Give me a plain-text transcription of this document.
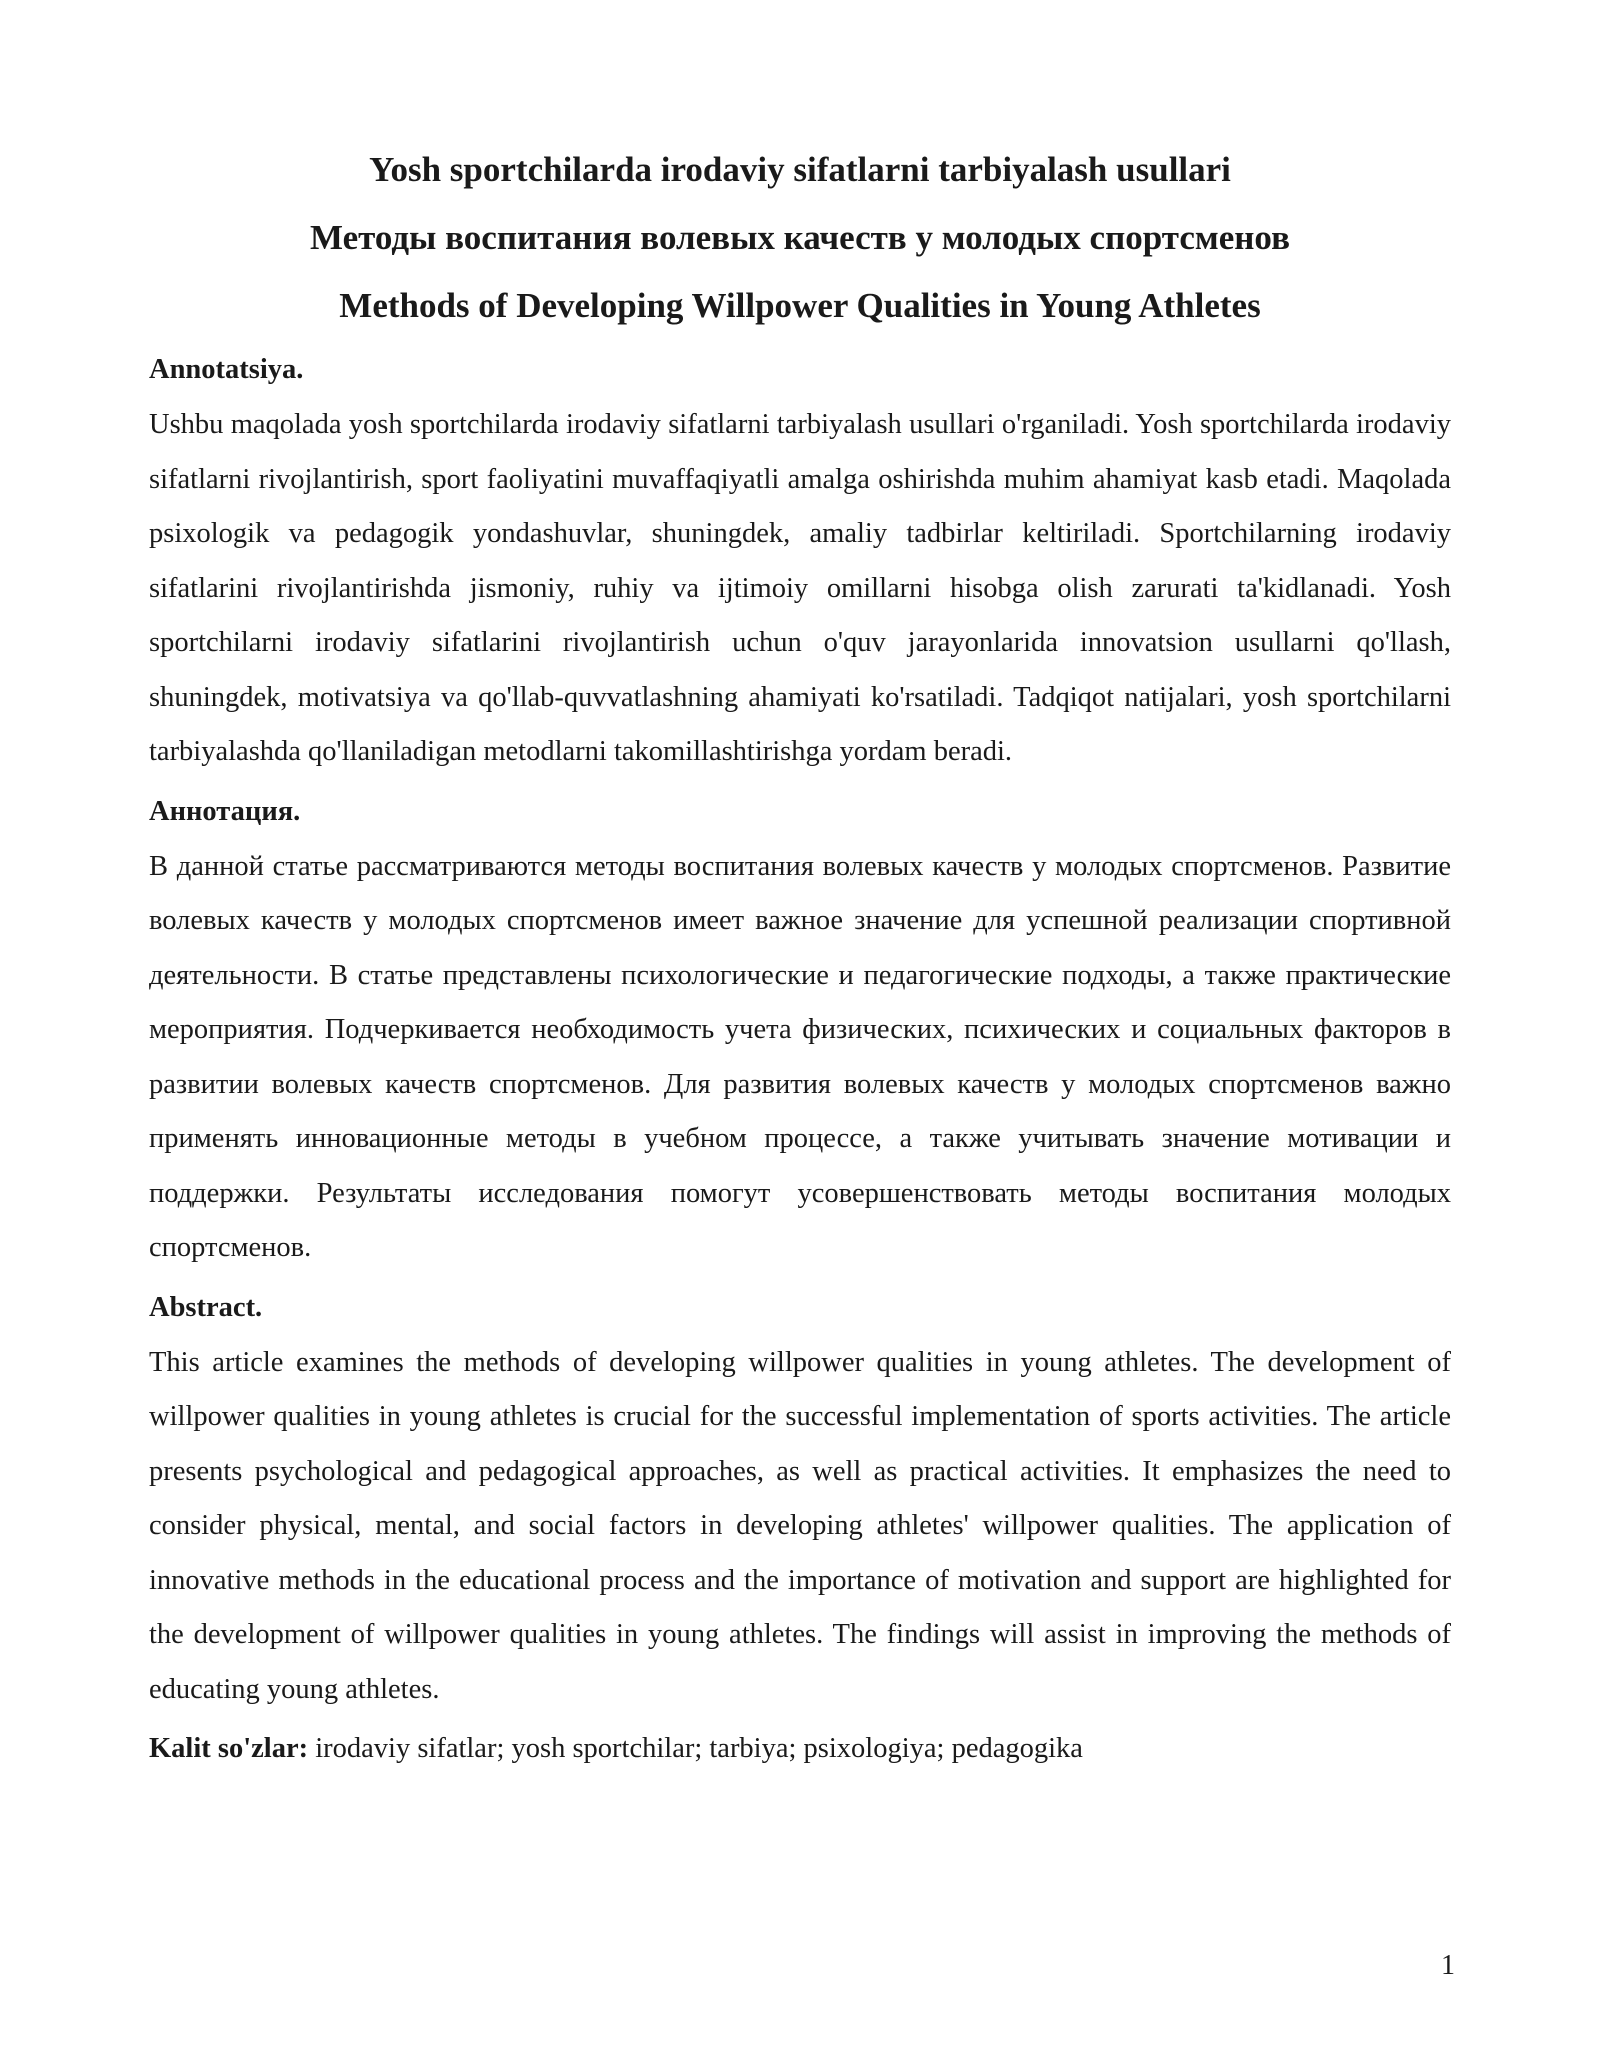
Yosh sportchilarda irodaviy sifatlarni tarbiyalash usullari
Методы воспитания волевых качеств у молодых спортсменов
Methods of Developing Willpower Qualities in Young Athletes
Annotatsiya.

Ushbu maqolada yosh sportchilarda irodaviy sifatlarni tarbiyalash usullari o'rganiladi. Yosh sportchilarda irodaviy sifatlarni rivojlantirish, sport faoliyatini muvaffaqiyatli amalga oshirishda muhim ahamiyat kasb etadi. Maqolada psixologik va pedagogik yondashuvlar, shuningdek, amaliy tadbirlar keltiriladi. Sportchilarning irodaviy sifatlarini rivojlantirishda jismoniy, ruhiy va ijtimoiy omillarni hisobga olish zarurati ta'kidlanadi. Yosh sportchilarni irodaviy sifatlarini rivojlantirish uchun o'quv jarayonlarida innovatsion usullarni qo'llash, shuningdek, motivatsiya va qo'llab-quvvatlashning ahamiyati ko'rsatiladi. Tadqiqot natijalari, yosh sportchilarni tarbiyalashda qo'llaniladigan metodlarni takomillashtirishga yordam beradi.

Аннотация.

В данной статье рассматриваются методы воспитания волевых качеств у молодых спортсменов. Развитие волевых качеств у молодых спортсменов имеет важное значение для успешной реализации спортивной деятельности. В статье представлены психологические и педагогические подходы, а также практические мероприятия. Подчеркивается необходимость учета физических, психических и социальных факторов в развитии волевых качеств спортсменов. Для развития волевых качеств у молодых спортсменов важно применять инновационные методы в учебном процессе, а также учитывать значение мотивации и поддержки. Результаты исследования помогут усовершенствовать методы воспитания молодых спортсменов.

Abstract.

This article examines the methods of developing willpower qualities in young athletes. The development of willpower qualities in young athletes is crucial for the successful implementation of sports activities. The article presents psychological and pedagogical approaches, as well as practical activities. It emphasizes the need to consider physical, mental, and social factors in developing athletes' willpower qualities. The application of innovative methods in the educational process and the importance of motivation and support are highlighted for the development of willpower qualities in young athletes. The findings will assist in improving the methods of educating young athletes.

Kalit so'zlar: irodaviy sifatlar; yosh sportchilar; tarbiya; psixologiya; pedagogika

1
